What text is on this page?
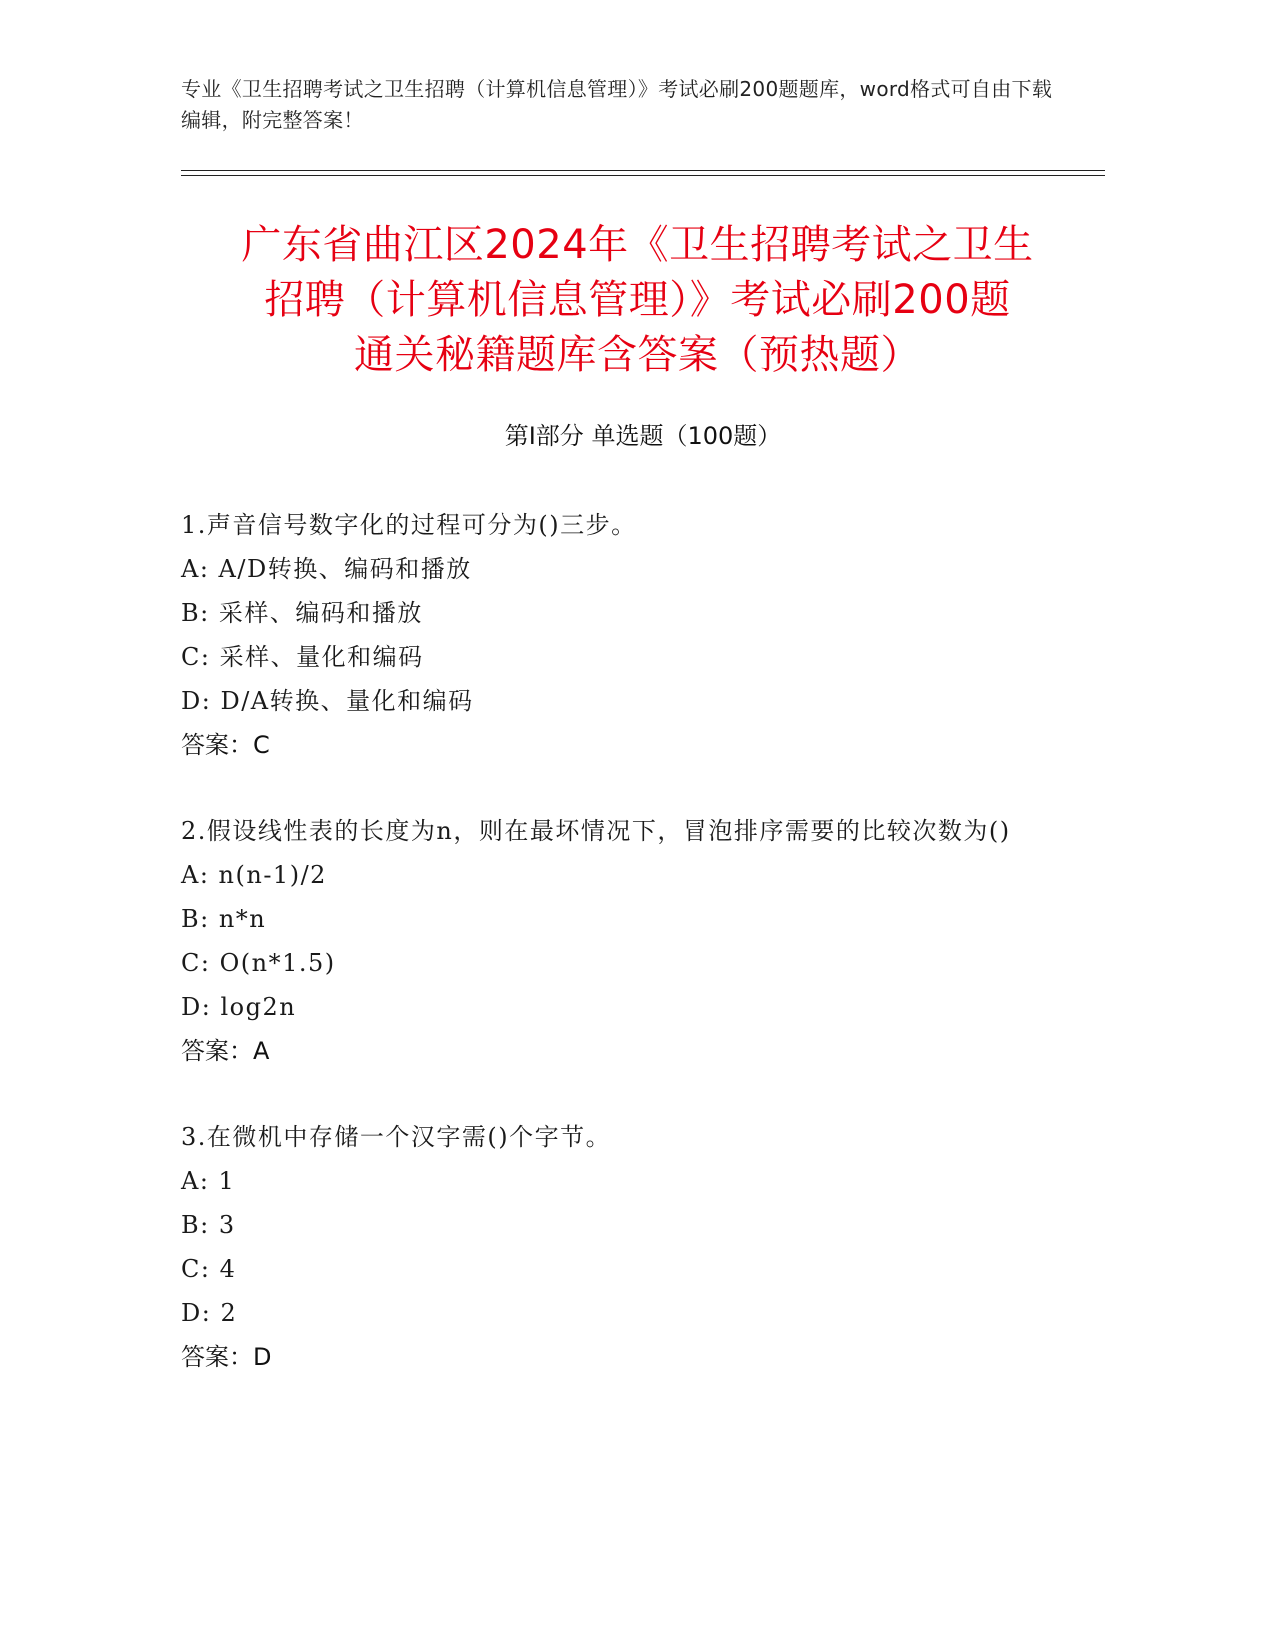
专业《卫生招聘考试之卫生招聘（计算机信息管理）》考试必刷200题题库，word格式可自由下载编辑，附完整答案！
广东省曲江区2024年《卫生招聘考试之卫生
招聘（计算机信息管理）》考试必刷200题
通关秘籍题库含答案（预热题）
第Ⅰ部分 单选题（100题）
1.声音信号数字化的过程可分为()三步。
A: A/D转换、编码和播放
B: 采样、编码和播放
C: 采样、量化和编码
D: D/A转换、量化和编码
答案：C
2.假设线性表的长度为n，则在最坏情况下，冒泡排序需要的比较次数为()
A: n(n-1)/2
B: n*n
C: O(n*1.5)
D: log2n
答案：A
3.在微机中存储一个汉字需()个字节。
A: 1
B: 3
C: 4
D: 2
答案：D
